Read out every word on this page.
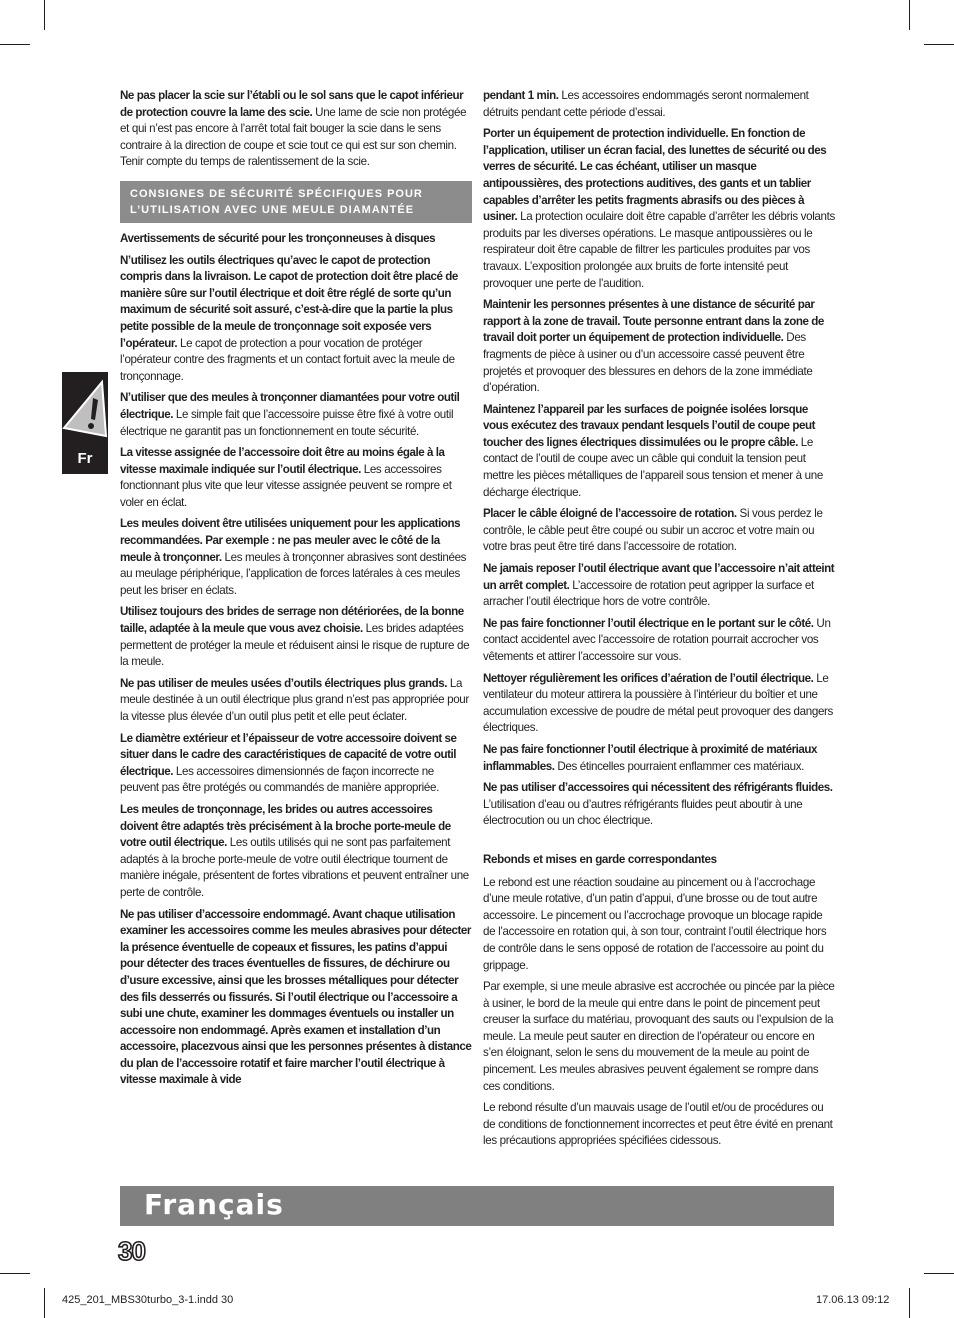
Fr

Ne pas placer la scie sur l’établi ou le sol sans que le capot inférieur de protection couvre la lame des scie. Une lame de scie non protégée et qui n’est pas encore à l’arrêt total fait bouger la scie dans le sens contraire à la direction de coupe et scie tout ce qui est sur son chemin. Tenir compte du temps de ralentissement de la scie.

CONSIGNES DE SÉCURITÉ SPÉCIFIQUES POUR L’UTILISATION AVEC UNE MEULE DIAMANTÉE

Avertissements de sécurité pour les tronçonneuses à disques

N’utilisez les outils électriques qu’avec le capot de protection compris dans la livraison. Le capot de protection doit être placé de manière sûre sur l’outil électrique et doit être réglé de sorte qu’un maximum de sécurité soit assuré, c’est-à-dire que la partie la plus petite possible de la meule de tronçonnage soit exposée vers l’opérateur. Le capot de protection a pour vocation de protéger l’opérateur contre des fragments et un contact fortuit avec la meule de tronçonnage.

N’utiliser que des meules à tronçonner diamantées pour votre outil électrique. Le simple fait que l’accessoire puisse être fixé à votre outil électrique ne garantit pas un fonctionnement en toute sécurité.

La vitesse assignée de l’accessoire doit être au moins égale à la vitesse maximale indiquée sur l’outil électrique. Les accessoires fonctionnant plus vite que leur vitesse assignée peuvent se rompre et voler en éclat.

Les meules doivent être utilisées uniquement pour les applications recommandées. Par exemple : ne pas meuler avec le côté de la meule à tronçonner. Les meules à tronçonner abrasives sont destinées au meulage périphérique, l’application de forces latérales à ces meules peut les briser en éclats.

Utilisez toujours des brides de serrage non détériorées, de la bonne taille, adaptée à la meule que vous avez choisie. Les brides adaptées permettent de protéger la meule et réduisent ainsi le risque de rupture de la meule.

Ne pas utiliser de meules usées d’outils électriques plus grands. La meule destinée à un outil électrique plus grand n’est pas appropriée pour la vitesse plus élevée d’un outil plus petit et elle peut éclater.

Le diamètre extérieur et l’épaisseur de votre accessoire doivent se situer dans le cadre des caractéristiques de capacité de votre outil électrique. Les accessoires dimensionnés de façon incorrecte ne peuvent pas être protégés ou commandés de manière appropriée.

Les meules de tronçonnage, les brides ou autres accessoires doivent être adaptés très précisément à la broche porte-meule de votre outil électrique. Les outils utilisés qui ne sont pas parfaitement adaptés à la broche porte-meule de votre outil électrique tournent de manière inégale, présentent de fortes vibrations et peuvent entraîner une perte de contrôle.

Ne pas utiliser d’accessoire endommagé. Avant chaque utilisation examiner les accessoires comme les meules abrasives pour détecter la présence éventuelle de copeaux et fissures, les patins d’appui pour détecter des traces éventuelles de fissures, de déchirure ou d’usure excessive, ainsi que les brosses métalliques pour détecter des fils desserrés ou fissurés. Si l’outil électrique ou l’accessoire a subi une chute, examiner les dommages éventuels ou installer un accessoire non endommagé. Après examen et installation d’un accessoire, placezvous ainsi que les personnes présentes à distance du plan de l’accessoire rotatif et faire marcher l’outil électrique à vitesse maximale à vide

pendant 1 min. Les accessoires endommagés seront normalement détruits pendant cette période d’essai.

Porter un équipement de protection individuelle. En fonction de l’application, utiliser un écran facial, des lunettes de sécurité ou des verres de sécurité. Le cas échéant, utiliser un masque antipoussières, des protections auditives, des gants et un tablier capables d’arrêter les petits fragments abrasifs ou des pièces à usiner. La protection oculaire doit être capable d’arrêter les débris volants produits par les diverses opérations. Le masque antipoussières ou le respirateur doit être capable de filtrer les particules produites par vos travaux. L’exposition prolongée aux bruits de forte intensité peut provoquer une perte de l’audition.

Maintenir les personnes présentes à une distance de sécurité par rapport à la zone de travail. Toute personne entrant dans la zone de travail doit porter un équipement de protection individuelle. Des fragments de pièce à usiner ou d’un accessoire cassé peuvent être projetés et provoquer des blessures en dehors de la zone immédiate d’opération.

Maintenez l’appareil par les surfaces de poignée isolées lorsque vous exécutez des travaux pendant lesquels l’outil de coupe peut toucher des lignes électriques dissimulées ou le propre câble. Le contact de l’outil de coupe avec un câble qui conduit la tension peut mettre les pièces métalliques de l’appareil sous tension et mener à une décharge électrique.

Placer le câble éloigné de l’accessoire de rotation. Si vous perdez le contrôle, le câble peut être coupé ou subir un accroc et votre main ou votre bras peut être tiré dans l’accessoire de rotation.

Ne jamais reposer l’outil électrique avant que l’accessoire n’ait atteint un arrêt complet. L’accessoire de rotation peut agripper la surface et arracher l’outil électrique hors de votre contrôle.

Ne pas faire fonctionner l’outil électrique en le portant sur le côté. Un contact accidentel avec l’accessoire de rotation pourrait accrocher vos vêtements et attirer l’accessoire sur vous.

Nettoyer régulièrement les orifices d’aération de l’outil électrique. Le ventilateur du moteur attirera la poussière à l’intérieur du boîtier et une accumulation excessive de poudre de métal peut provoquer des dangers électriques.

Ne pas faire fonctionner l’outil électrique à proximité de matériaux inflammables. Des étincelles pourraient enflammer ces matériaux.

Ne pas utiliser d’accessoires qui nécessitent des réfrigérants fluides. L’utilisation d’eau ou d’autres réfrigérants fluides peut aboutir à une électrocution ou un choc électrique.

Rebonds et mises en garde correspondantes

Le rebond est une réaction soudaine au pincement ou à l’accrochage d’une meule rotative, d’un patin d’appui, d’une brosse ou de tout autre accessoire. Le pincement ou l’accrochage provoque un blocage rapide de l’accessoire en rotation qui, à son tour, contraint l’outil électrique hors de contrôle dans le sens opposé de rotation de l’accessoire au point du grippage.

Par exemple, si une meule abrasive est accrochée ou pincée par la pièce à usiner, le bord de la meule qui entre dans le point de pincement peut creuser la surface du matériau, provoquant des sauts ou l’expulsion de la meule. La meule peut sauter en direction de l’opérateur ou encore en s’en éloignant, selon le sens du mouvement de la meule au point de pincement. Les meules abrasives peuvent également se rompre dans ces conditions.

Le rebond résulte d’un mauvais usage de l’outil et/ou de procédures ou de conditions de fonctionnement incorrectes et peut être évité en prenant les précautions appropriées spécifiées cidessous.

Français
30
425_201_MBS30turbo_3-1.indd 30	17.06.13 09:12
